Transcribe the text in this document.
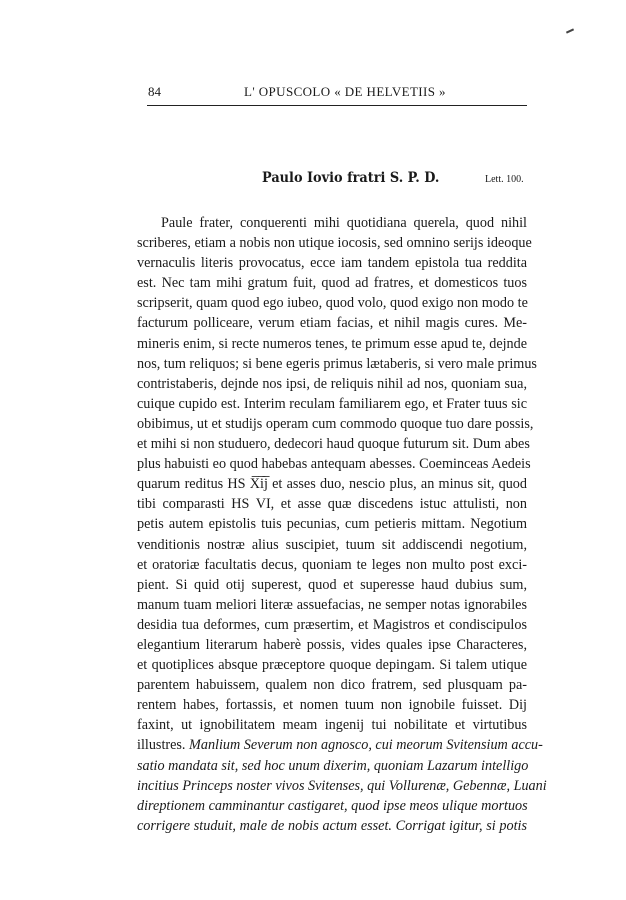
84	L' OPUSCOLO « DE HELVETIIS »
Paulo Iovio fratri S. P. D.	Lett. 100.
Paule frater, conquerenti mihi quotidiana querela, quod nihil
scriberes, etiam a nobis non utique iocosis, sed omnino serijs ideoque
vernaculis literis provocatus, ecce iam tandem epistola tua reddita
est. Nec tam mihi gratum fuit, quod ad fratres, et domesticos tuos
scripserit, quam quod ego iubeo, quod volo, quod exigo non modo te
facturum polliceare, verum etiam facias, et nihil magis cures. Me-
mineris enim, si recte numeros tenes, te primum esse apud te, dejnde
nos, tum reliquos; si bene egeris primus lætaberis, si vero male primus
contristaberis, dejnde nos ipsi, de reliquis nihil ad nos, quoniam sua,
cuique cupido est. Interim reculam familiarem ego, et Frater tuus sic
obibimus, ut et studijs operam cum commodo quoque tuo dare possis,
et mihi si non studuero, dedecori haud quoque futurum sit. Dum abes
plus habuisti eo quod habebas antequam abesses. Coeminceas Aedeis
quarum reditus HS X̅i̅j̅ et asses duo, nescio plus, an minus sit, quod
tibi comparasti HS VI, et asse quæ discedens istuc attulisti, non
petis autem epistolis tuis pecunias, cum petieris mittam. Negotium
venditionis nostræ alius suscipiet, tuum sit addiscendi negotium,
et oratoriæ facultatis decus, quoniam te leges non multo post exci-
pient. Si quid otij superest, quod et superesse haud dubius sum,
manum tuam meliori literæ assuefacias, ne semper notas ignorabiles
desidia tua deformes, cum præsertim, et Magistros et condiscipulos
elegantium literarum haberè possis, vides quales ipse Characteres,
et quotiplices absque præceptore quoque depingam. Si talem utique
parentem habuissem, qualem non dico fratrem, sed plusquam pa-
rentem habes, fortassis, et nomen tuum non ignobile fuisset. Dij
faxint, ut ignobilitatem meam ingenij tui nobilitate et virtutibus
illustres. Manlium Severum non agnosco, cui meorum Svitensium accu-
satio mandata sit, sed hoc unum dixerim, quoniam Lazarum intelligo
incitius Princeps noster vivos Svitenses, qui Vollurenæ, Gebennæ, Luani
direptionem camminantur castigaret, quod ipse meos ulique mortuos
corrigere studuit, male de nobis actum esset. Corrigat igitur, si potis
